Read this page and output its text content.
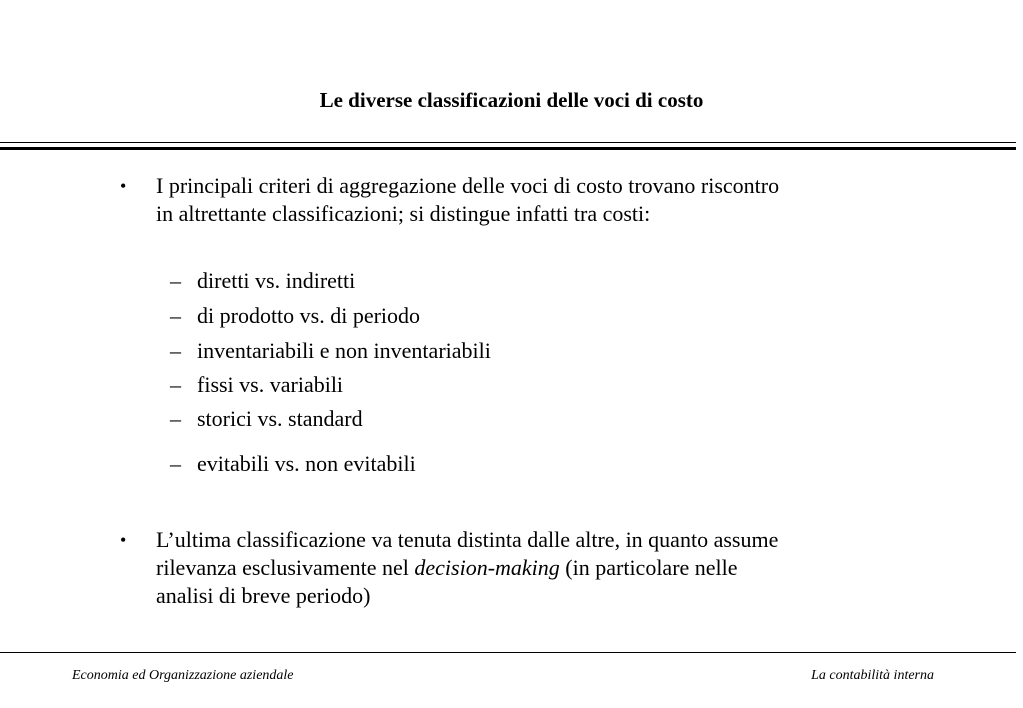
Le diverse classificazioni delle voci di costo
• I principali criteri di aggregazione delle voci di costo trovano riscontro
in altrettante classificazioni; si distingue infatti tra costi:
– diretti vs. indiretti
– di prodotto vs. di periodo
– inventariabili e non inventariabili
– fissi vs. variabili
– storici vs. standard
– evitabili vs. non evitabili
• L’ultima classificazione va tenuta distinta dalle altre, in quanto assume
rilevanza esclusivamente nel decision-making (in particolare nelle
analisi di breve periodo)
Economia ed Organizzazione aziendale	La contabilità interna
